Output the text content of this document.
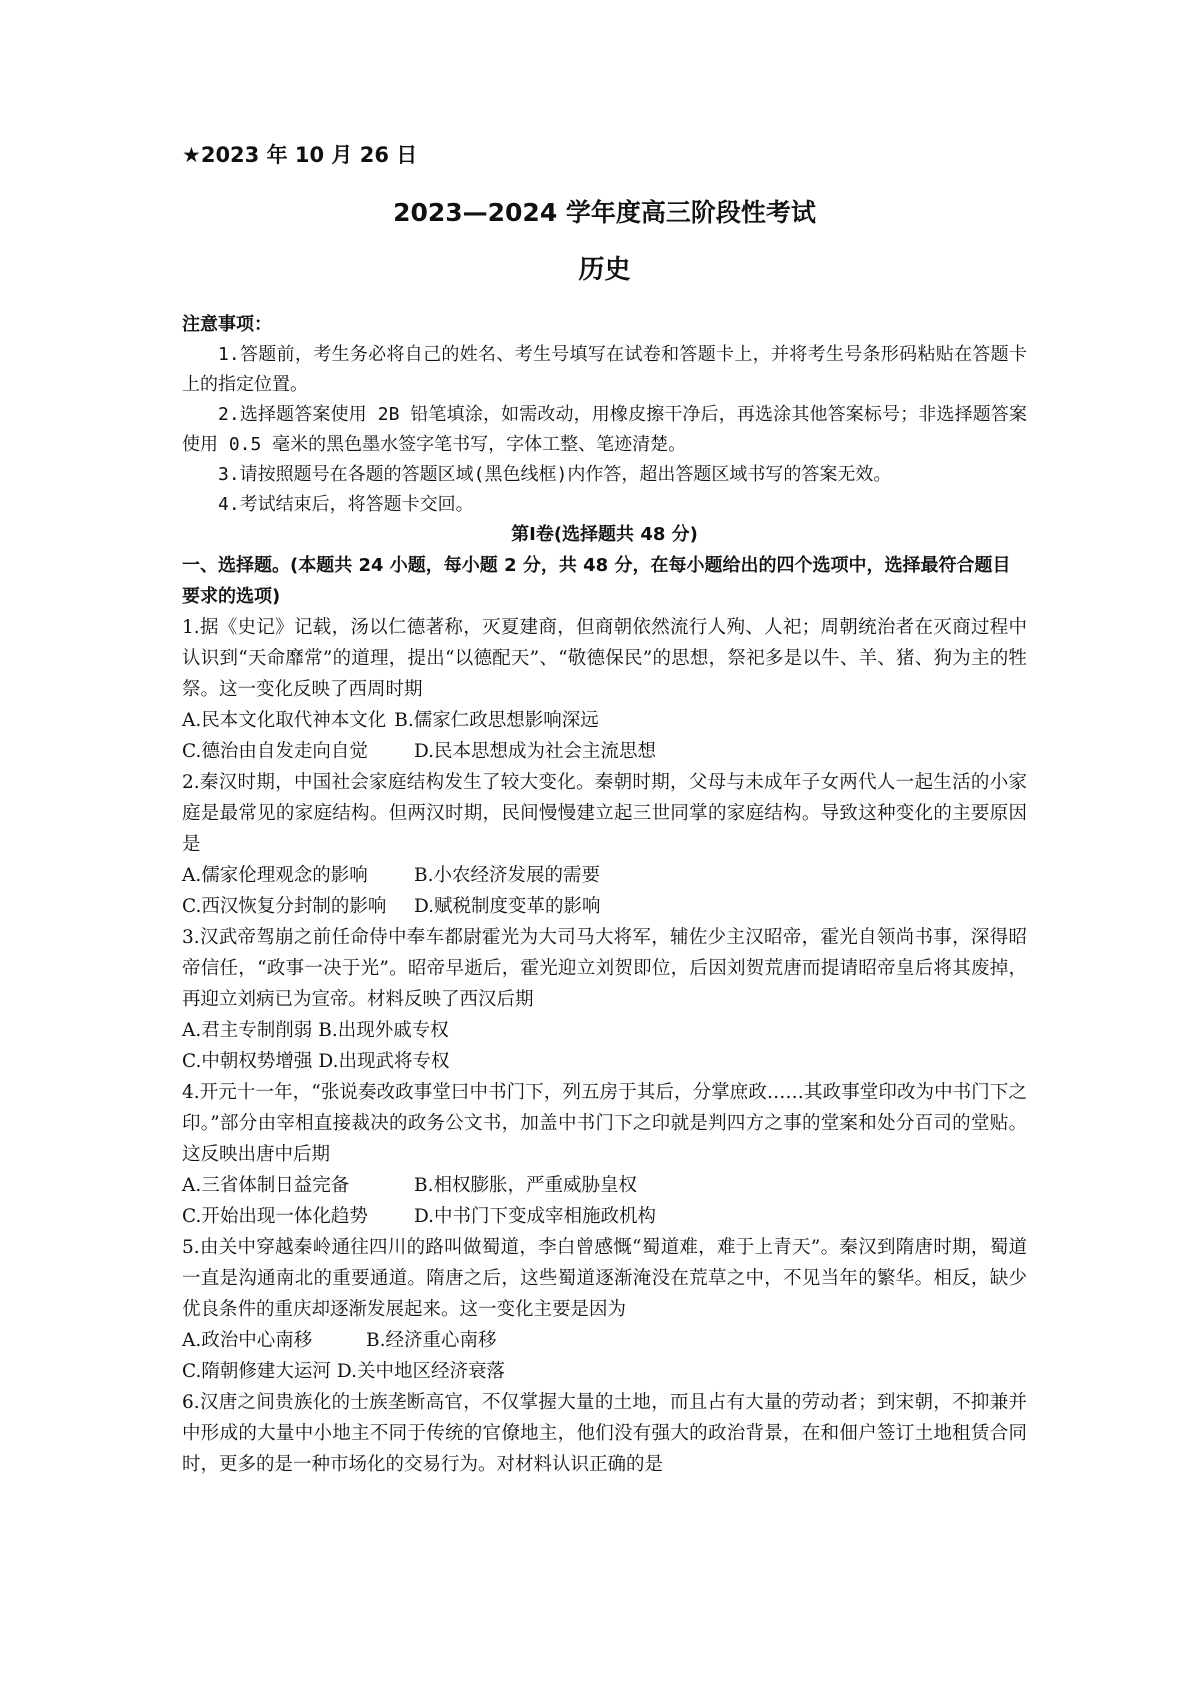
★2023 年 10 月 26 日
2023—2024 学年度高三阶段性考试
历史
注意事项：
1.答题前，考生务必将自己的姓名、考生号填写在试卷和答题卡上，并将考生号条形码粘贴在答题卡上的指定位置。
2.选择题答案使用 2B 铅笔填涂，如需改动，用橡皮擦干净后，再选涂其他答案标号；非选择题答案使用 0.5 毫米的黑色墨水签字笔书写，字体工整、笔迹清楚。
3.请按照题号在各题的答题区域(黑色线框)内作答，超出答题区域书写的答案无效。
4.考试结束后，将答题卡交回。
第Ⅰ卷(选择题共 48 分)
一、选择题。(本题共 24 小题，每小题 2 分，共 48 分，在每小题给出的四个选项中，选择最符合题目要求的选项)
1.据《史记》记载，汤以仁德著称，灭夏建商，但商朝依然流行人殉、人祀；周朝统治者在灭商过程中认识到“天命靡常”的道理，提出“以德配天”、“敬德保民”的思想，祭祀多是以牛、羊、猪、狗为主的牲祭。这一变化反映了西周时期
A.民本文化取代神本文化 B.儒家仁政思想影响深远
C.德治由自发走向自觉	D.民本思想成为社会主流思想
2.秦汉时期，中国社会家庭结构发生了较大变化。秦朝时期，父母与未成年子女两代人一起生活的小家庭是最常见的家庭结构。但两汉时期，民间慢慢建立起三世同掌的家庭结构。导致这种变化的主要原因是
A.儒家伦理观念的影响	B.小农经济发展的需要
C.西汉恢复分封制的影响	D.赋税制度变革的影响
3.汉武帝驾崩之前任命侍中奉车都尉霍光为大司马大将军，辅佐少主汉昭帝，霍光自领尚书事，深得昭帝信任，“政事一决于光”。昭帝早逝后，霍光迎立刘贺即位，后因刘贺荒唐而提请昭帝皇后将其废掉，再迎立刘病已为宣帝。材料反映了西汉后期
A.君主专制削弱 B.出现外戚专权
C.中朝权势增强 D.出现武将专权
4.开元十一年，“张说奏改政事堂曰中书门下，列五房于其后，分掌庶政……其政事堂印改为中书门下之印。”部分由宰相直接裁决的政务公文书，加盖中书门下之印就是判四方之事的堂案和处分百司的堂贴。这反映出唐中后期
A.三省体制日益完备	B.相权膨胀，严重威胁皇权
C.开始出现一体化趋势	D.中书门下变成宰相施政机构
5.由关中穿越秦岭通往四川的路叫做蜀道，李白曾感慨“蜀道难，难于上青天”。秦汉到隋唐时期，蜀道一直是沟通南北的重要通道。隋唐之后，这些蜀道逐渐淹没在荒草之中，不见当年的繁华。相反，缺少优良条件的重庆却逐渐发展起来。这一变化主要是因为
A.政治中心南移	B.经济重心南移
C.隋朝修建大运河 D.关中地区经济衰落
6.汉唐之间贵族化的士族垄断高官，不仅掌握大量的土地，而且占有大量的劳动者；到宋朝，不抑兼并中形成的大量中小地主不同于传统的官僚地主，他们没有强大的政治背景，在和佃户签订土地租赁合同时，更多的是一种市场化的交易行为。对材料认识正确的是
